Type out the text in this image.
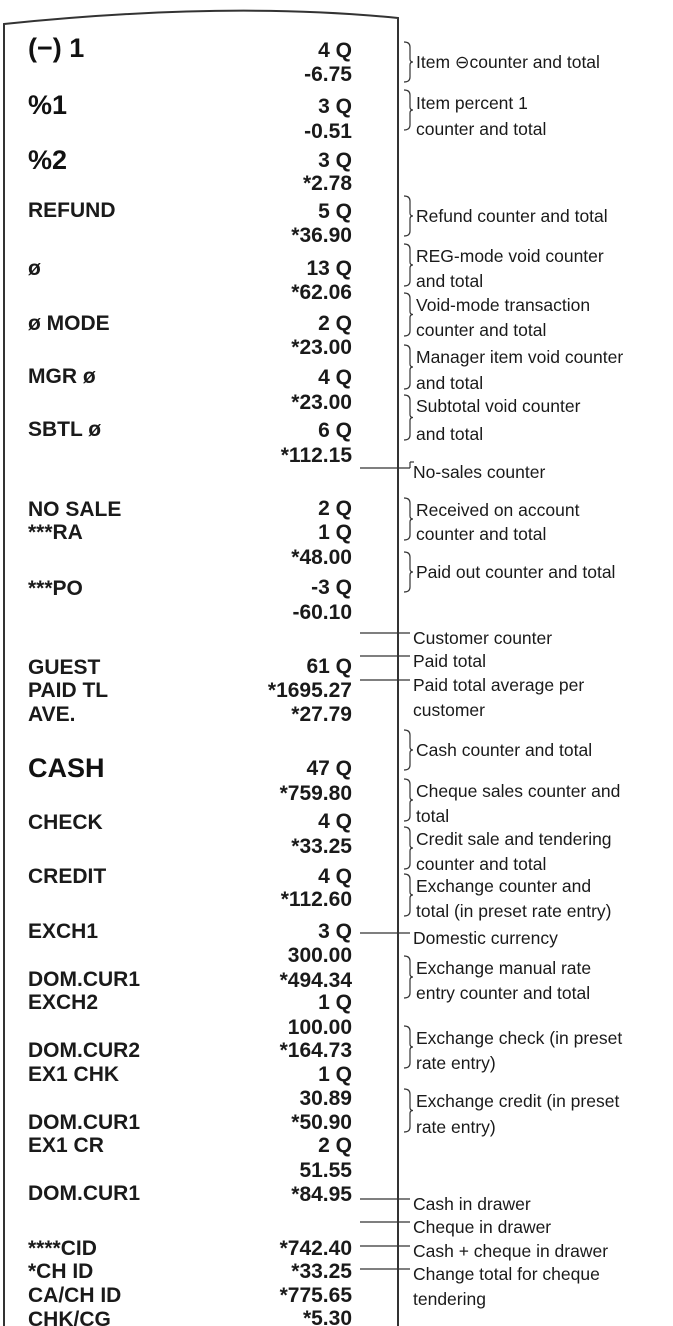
(−) 1	4 Q
-6.75
%1	3 Q
-0.51
%2	3 Q
*2.78
REFUND	5 Q
*36.90
ø	13 Q
*62.06
ø MODE	2 Q
*23.00
MGR ø	4 Q
*23.00
SBTL ø	6 Q
*112.15
NO SALE	2 Q
***RA	1 Q
*48.00
***PO	-3 Q
-60.10
GUEST	61 Q
PAID TL	*1695.27
AVE.	*27.79
CASH	47 Q
*759.80
CHECK	4 Q
*33.25
CREDIT	4 Q
*112.60
EXCH1	3 Q
300.00
DOM.CUR1	*494.34
EXCH2	1 Q
100.00
DOM.CUR2	*164.73
EX1 CHK	1 Q
30.89
DOM.CUR1	*50.90
EX1 CR	2 Q
51.55
DOM.CUR1	*84.95
****CID	*742.40
*CH ID	*33.25
CA/CH ID	*775.65
CHK/CG	*5.30
Item ⊖counter and total
Item percent 1
counter and total
Refund counter and total
REG-mode void counter
and total
Void-mode transaction
counter and total
Manager item void counter
and total
Subtotal void counter
and total
No-sales counter
Received on account
counter and total
Paid out counter and total
Customer counter
Paid total
Paid total average per
customer
Cash counter and total
Cheque sales counter and
total
Credit sale and tendering
counter and total
Exchange counter and
total (in preset rate entry)
Domestic currency
Exchange manual rate
entry counter and total
Exchange check (in preset
rate entry)
Exchange credit (in preset
rate entry)
Cash in drawer
Cheque in drawer
Cash + cheque in drawer
Change total for cheque
tendering
